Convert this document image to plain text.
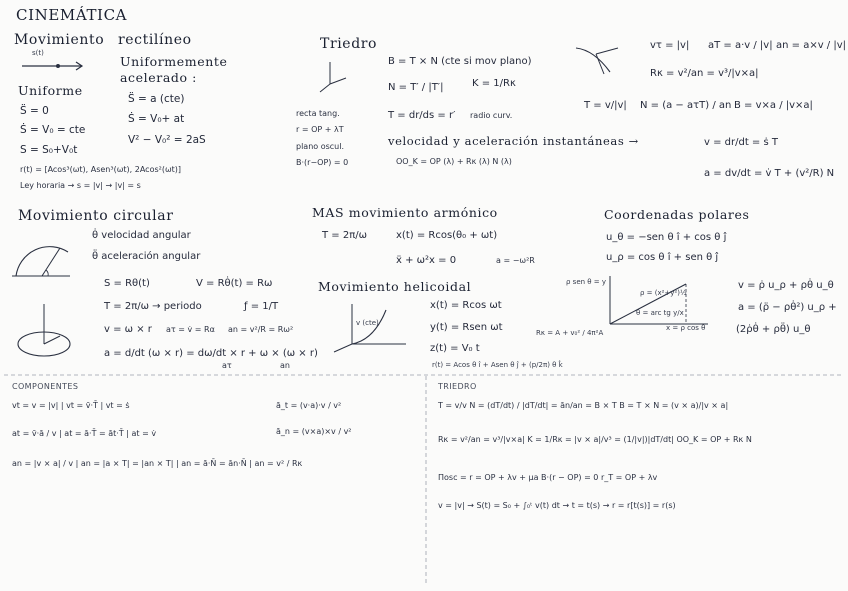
CINEMÁTICA
Movimiento rectilíneo
s(t)
Uniforme
S̈ = 0
Ṡ = V₀ = cte
S = S₀+V₀t
Uniformemente
acelerado :
S̈ = a (cte)
Ṡ = V₀+ at
V² − V₀² = 2aS
r(t) = [Acos³(ωt), Asen³(ωt), 2Acos²(ωt)]
Ley horaria → s = |v| → |v| = s
Triedro
B = T × N (cte si mov plano)
N = T′ / |T′|	K = 1/Rκ
T = dr/ds = r′ radio curv.
recta tang.
r = OP + λT
plano oscul.
B·(r−OP) = 0
velocidad y aceleración instantáneas →	v = dr/dt = ṡ T
a = dv/dt = v̇ T + (v²/R) N
OO_K = OP (λ) + Rκ (λ) N (λ)
vτ = |v| aT = a·v / |v| an = a×v / |v|
Rκ = v²/an = v³/|v×a|
T = v/|v| N = (a − aτT) / an B = v×a / |v×a|
Movimiento circular
θ̇ velocidad angular
θ̈ aceleración angular
S = Rθ(t)	V = Rθ̇(t) = Rω
T = 2π/ω → periodo	ƒ = 1/T
v = ω × r aτ = v̇ = Rα an = v²/R = Rω²
a = d/dt (ω × r) = dω/dt × r + ω × (ω × r)
aτ	an
MAS movimiento armónico
T = 2π/ω	x(t) = Rcos(θ₀ + ωt)
ẍ + ω²x = 0	a = −ω²R
Movimiento helicoidal
v (cte)
x(t) = Rcos ωt
y(t) = Rsen ωt
z(t) = V₀ t
Rκ = A + v₀² / 4π²A
r(t) = Acos θ î + Asen θ ĵ + (p/2π) θ k̂
Coordenadas polares
u_θ = −sen θ î + cos θ ĵ
u_ρ = cos θ î + sen θ ĵ
v = ρ̇ u_ρ + ρθ̇ u_θ
a = (ρ̈ − ρθ̇²) u_ρ +
(2ρ̇θ̇ + ρθ̈) u_θ
ρ sen θ = y
x = ρ cos θ
ρ = (x²+y²)½
θ = arc tg y/x
COMPONENTES
vt = v = |v| | vt = v̄·T̄ | vt = ṡ
at = v̄·ā / v | at = ā·T̄ = āt·T̄ | at = v̇
an = |v × a| / v | an = |a × T| = |an × T| | an = ā·N̄ = ān·N̄ | an = v² / Rκ
ā_t = (v·a)·v / v²
ā_n = (v×a)×v / v²
TRIEDRO
T = v/v N = (dT/dt) / |dT/dt| = ān/an = B × T B = T × N = (v × a)/|v × a|
Rκ = v²/an = v³/|v×a| K = 1/Rκ = |v × a|/v³ = (1/|v|)|dT/dt| OO_K = OP + Rκ N
Πosc = r = OP + λv + μa B·(r − OP) = 0 r_T = OP + λv
v = |v| → S(t) = S₀ + ∫₀ᵗ v(t) dt → t = t(s) → r = r[t(s)] = r(s)
